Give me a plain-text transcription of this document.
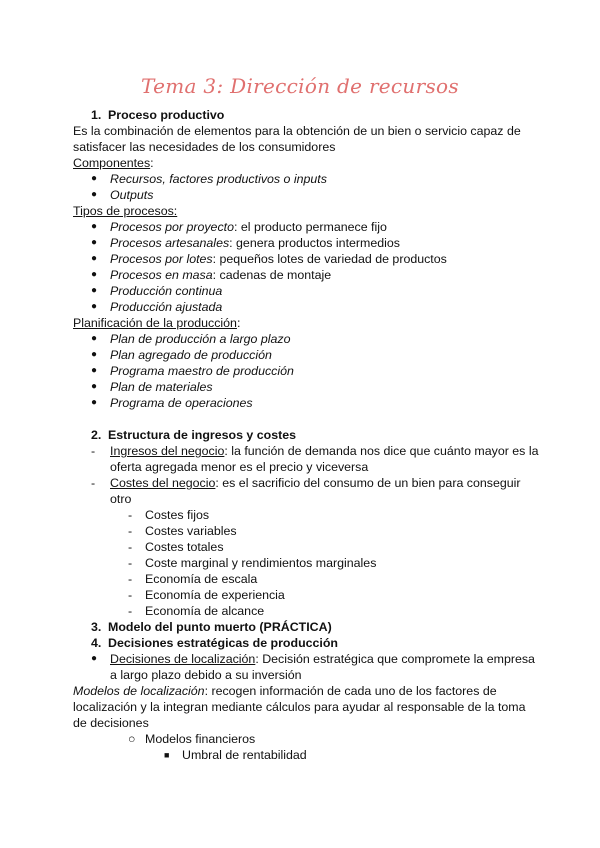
Tema 3: Dirección de recursos
1. Proceso productivo
Es la combinación de elementos para la obtención de un bien o servicio capaz de satisfacer las necesidades de los consumidores
Componentes:
● Recursos, factores productivos o inputs
● Outputs
Tipos de procesos:
● Procesos por proyecto: el producto permanece fijo
● Procesos artesanales: genera productos intermedios
● Procesos por lotes: pequeños lotes de variedad de productos
● Procesos en masa: cadenas de montaje
● Producción continua
● Producción ajustada
Planificación de la producción:
● Plan de producción a largo plazo
● Plan agregado de producción
● Programa maestro de producción
● Plan de materiales
● Programa de operaciones
2. Estructura de ingresos y costes
- Ingresos del negocio: la función de demanda nos dice que cuánto mayor es la
oferta agregada menor es el precio y viceversa
- Costes del negocio: es el sacrificio del consumo de un bien para conseguir
otro
- Costes fijos
- Costes variables
- Costes totales
- Coste marginal y rendimientos marginales
- Economía de escala
- Economía de experiencia
- Economía de alcance
3. Modelo del punto muerto (PRÁCTICA)
4. Decisiones estratégicas de producción
● Decisiones de localización: Decisión estratégica que compromete la empresa
a largo plazo debido a su inversión
Modelos de localización: recogen información de cada uno de los factores de localización y la integran mediante cálculos para ayudar al responsable de la toma de decisiones
○ Modelos financieros
■ Umbral de rentabilidad
